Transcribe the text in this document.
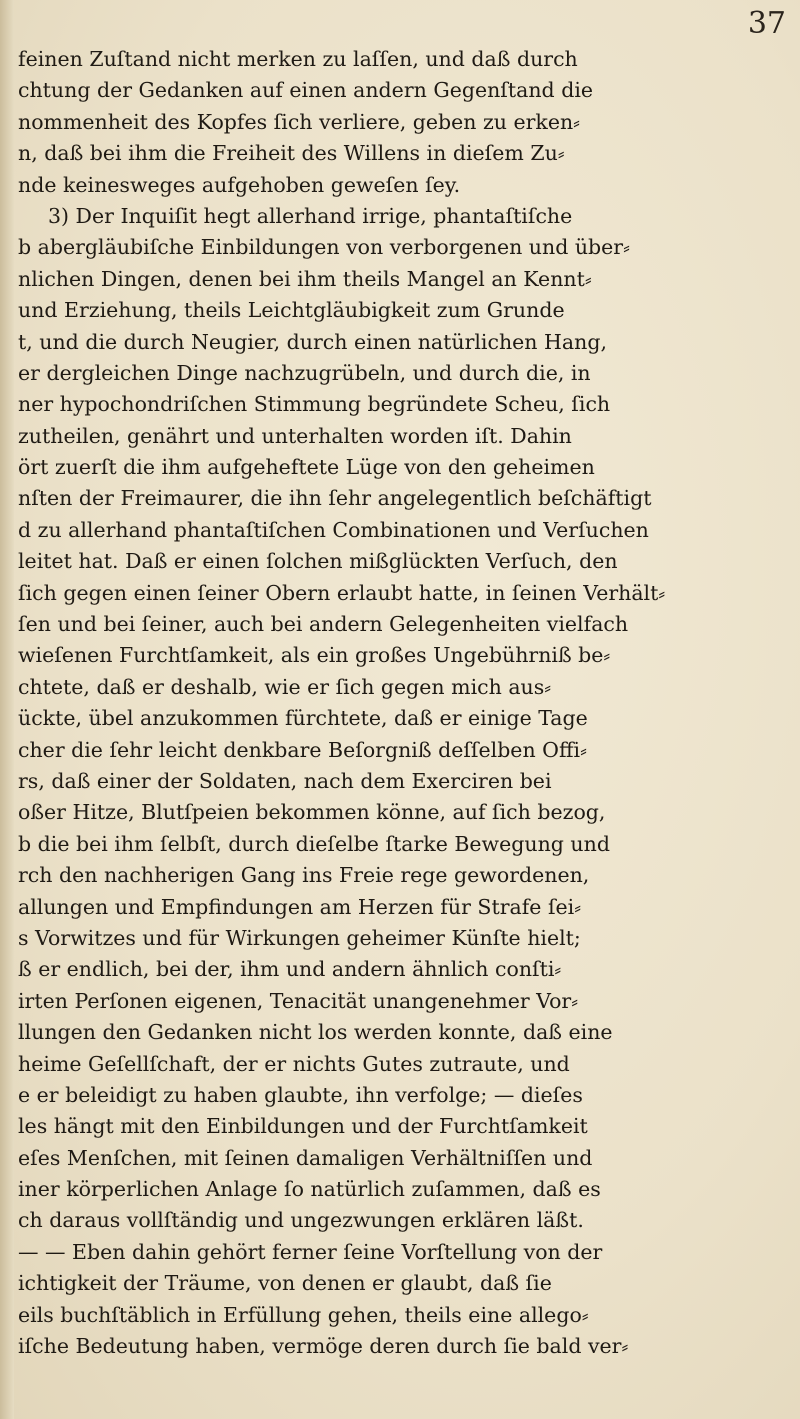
37
feinen Zuſtand nicht merken zu laſſen, und daß durch
chtung der Gedanken auf einen andern Gegenſtand die
nommenheit des Kopfes ſich verliere, geben zu erken⸗
n, daß bei ihm die Freiheit des Willens in dieſem Zu⸗
nde keinesweges aufgehoben geweſen ſey.
3) Der Inquiſit hegt allerhand irrige, phantaſtiſche
b abergläubiſche Einbildungen von verborgenen und über⸗
nlichen Dingen, denen bei ihm theils Mangel an Kennt⸗
und Erziehung, theils Leichtgläubigkeit zum Grunde
t, und die durch Neugier, durch einen natürlichen Hang,
er dergleichen Dinge nachzugrübeln, und durch die, in
ner hypochondriſchen Stimmung begründete Scheu, ſich
zutheilen, genährt und unterhalten worden iſt. Dahin
ört zuerſt die ihm aufgeheftete Lüge von den geheimen
nſten der Freimaurer, die ihn ſehr angelegentlich beſchäftigt
d zu allerhand phantaſtiſchen Combinationen und Verſuchen
leitet hat. Daß er einen ſolchen mißglückten Verſuch, den
ſich gegen einen ſeiner Obern erlaubt hatte, in ſeinen Verhält⸗
ſen und bei ſeiner, auch bei andern Gelegenheiten vielfach
wieſenen Furchtſamkeit, als ein großes Ungebührniß be⸗
chtete, daß er deshalb, wie er ſich gegen mich aus⸗
ückte, übel anzukommen fürchtete, daß er einige Tage
cher die ſehr leicht denkbare Beſorgniß deſſelben Offi⸗
rs, daß einer der Soldaten, nach dem Exerciren bei
oßer Hitze, Blutſpeien bekommen könne, auf ſich bezog,
b die bei ihm ſelbſt, durch dieſelbe ſtarke Bewegung und
rch den nachherigen Gang ins Freie rege gewordenen,
allungen und Empfindungen am Herzen für Strafe ſei⸗
s Vorwitzes und für Wirkungen geheimer Künſte hielt;
ß er endlich, bei der, ihm und andern ähnlich conſti⸗
irten Perſonen eigenen, Tenacität unangenehmer Vor⸗
llungen den Gedanken nicht los werden konnte, daß eine
heime Geſellſchaft, der er nichts Gutes zutraute, und
e er beleidigt zu haben glaubte, ihn verfolge; — dieſes
les hängt mit den Einbildungen und der Furchtſamkeit
eſes Menſchen, mit ſeinen damaligen Verhältniſſen und
iner körperlichen Anlage ſo natürlich zuſammen, daß es
ch daraus vollſtändig und ungezwungen erklären läßt.
— — Eben dahin gehört ferner ſeine Vorſtellung von der
ichtigkeit der Träume, von denen er glaubt, daß ſie
eils buchſtäblich in Erfüllung gehen, theils eine allego⸗
iſche Bedeutung haben, vermöge deren durch ſie bald ver⸗
